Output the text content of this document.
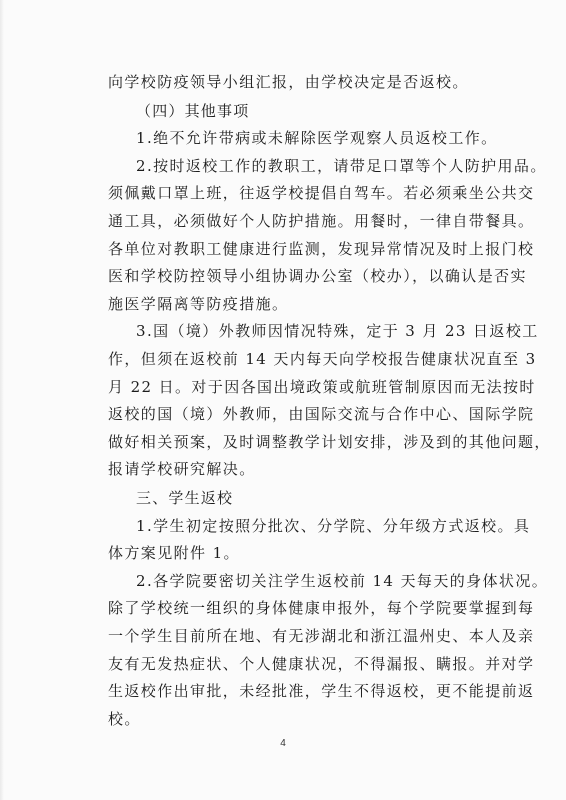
向学校防疫领导小组汇报，由学校决定是否返校。
（四）其他事项
1.绝不允许带病或未解除医学观察人员返校工作。
2.按时返校工作的教职工，请带足口罩等个人防护用品。
须佩戴口罩上班，往返学校提倡自驾车。若必须乘坐公共交
通工具，必须做好个人防护措施。用餐时，一律自带餐具。
各单位对教职工健康进行监测，发现异常情况及时上报门校
医和学校防控领导小组协调办公室（校办），以确认是否实
施医学隔离等防疫措施。
3.国（境）外教师因情况特殊，定于 3 月 23 日返校工
作，但须在返校前 14 天内每天向学校报告健康状况直至 3
月 22 日。对于因各国出境政策或航班管制原因而无法按时
返校的国（境）外教师，由国际交流与合作中心、国际学院
做好相关预案，及时调整教学计划安排，涉及到的其他问题，
报请学校研究解决。
三、学生返校
1.学生初定按照分批次、分学院、分年级方式返校。具
体方案见附件 1。
2.各学院要密切关注学生返校前 14 天每天的身体状况。
除了学校统一组织的身体健康申报外，每个学院要掌握到每
一个学生目前所在地、有无涉湖北和浙江温州史、本人及亲
友有无发热症状、个人健康状况，不得漏报、瞒报。并对学
生返校作出审批，未经批准，学生不得返校，更不能提前返
校。
4
